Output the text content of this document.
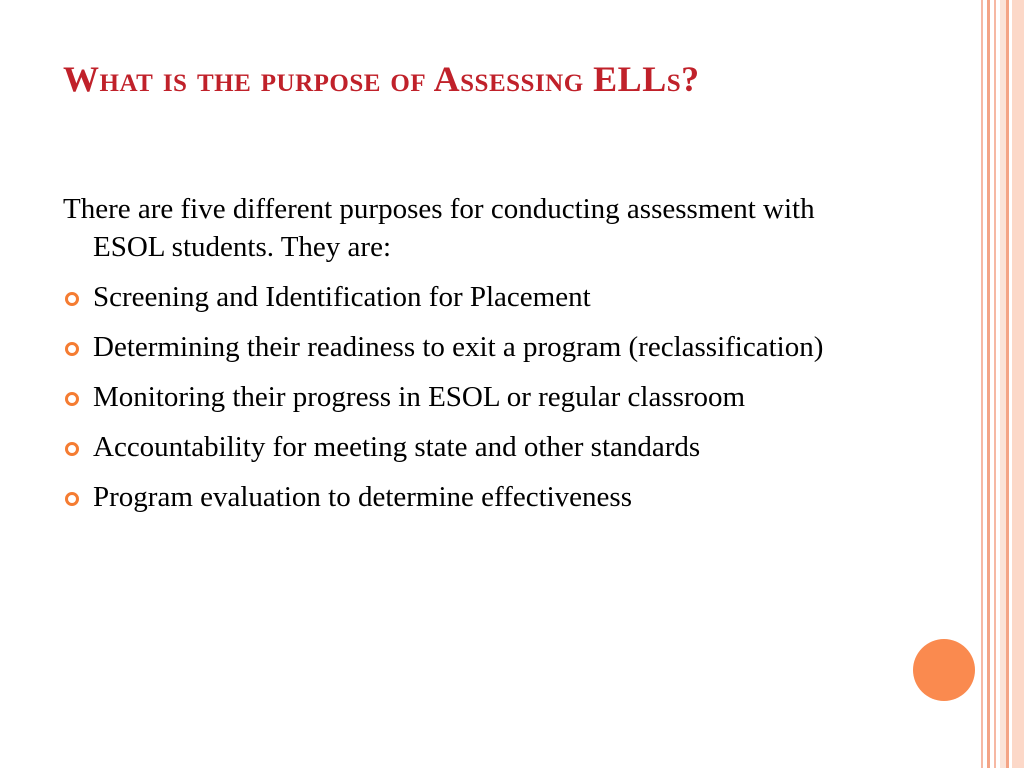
What is the purpose of Assessing ELLs?
There are five different purposes for conducting assessment with ESOL students. They are:
Screening and Identification for Placement
Determining their readiness to exit a program (reclassification)
Monitoring their progress in ESOL or regular classroom
Accountability for meeting state and other standards
Program evaluation to determine effectiveness
